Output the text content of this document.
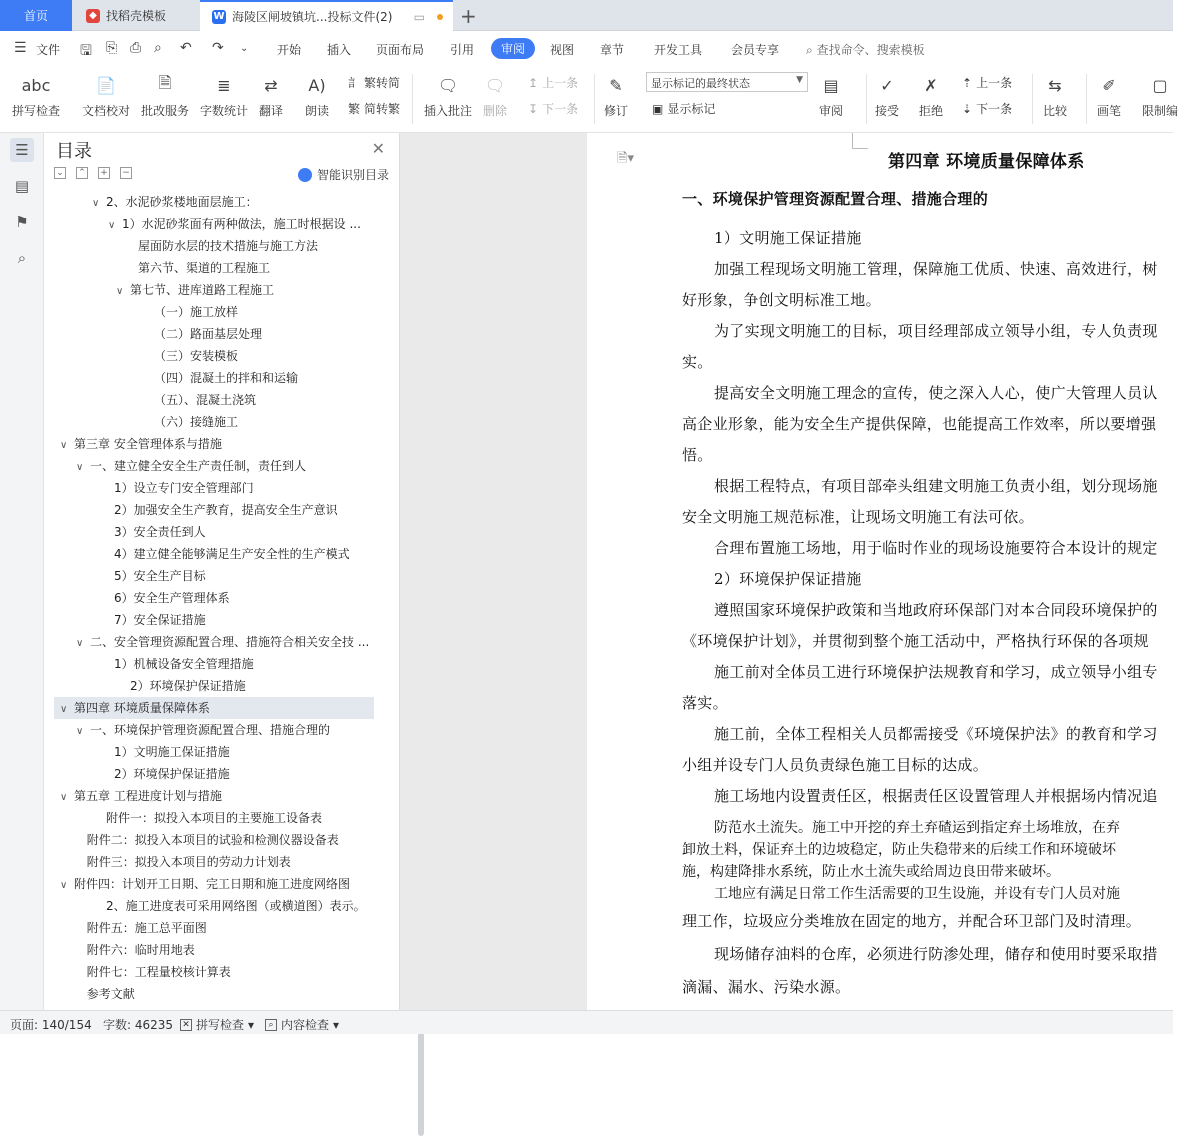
首页	◆ 找稻壳模板	W 海陵区闸坡镇坑...投标文件(2) ▭ +
☰ 文件 🖫 ⎘ ⎙ ⌕ ↶ ↷ ⌄ 开始 插入 页面布局 引用	审阅	视图 章节 开发工具 会员专享 ⌕ 查找命令、搜索模板
abc
拼写检查
📄
文档校对
🗎
批改服务
≣
字数统计
⇄
翻译
A)
朗读
訁 繁转简
繁 简转繁
🗨
插入批注
🗨
删除
↥ 上一条
↧ 下一条
✎
修订
显示标记的最终状态	▼
▣ 显示标记
▤
审阅
✓
接受
✗
拒绝
⇡ 上一条
⇣ 下一条
⇆
比较
✐
画笔
▢
限制编
☰
▤
⚑
⌕
目录	✕
⌄ ⌃ + −	智能识别目录
∨ 2、水泥砂浆楼地面层施工：
∨ 1）水泥砂浆面有两种做法，施工时根据设 ...
屋面防水层的技术措施与施工方法
第六节、渠道的工程施工
∨ 第七节、进库道路工程施工
（一）施工放样
（二）路面基层处理
（三）安装模板
（四）混凝土的拌和和运输
（五）、混凝土浇筑
（六）接缝施工
∨ 第三章 安全管理体系与措施
∨ 一、建立健全安全生产责任制，责任到人
1）设立专门安全管理部门
2）加强安全生产教育，提高安全生产意识
3）安全责任到人
4）建立健全能够满足生产安全性的生产模式
5）安全生产目标
6）安全生产管理体系
7）安全保证措施
∨ 二、安全管理资源配置合理、措施符合相关安全技 ...
1）机械设备安全管理措施
2）环境保护保证措施
∨ 第四章 环境质量保障体系
∨ 一、环境保护管理资源配置合理、措施合理的
1）文明施工保证措施
2）环境保护保证措施
∨ 第五章 工程进度计划与措施
附件一：拟投入本项目的主要施工设备表
附件二：拟投入本项目的试验和检测仪器设备表
附件三：拟投入本项目的劳动力计划表
∨ 附件四：计划开工日期、完工日期和施工进度网络图
2、施工进度表可采用网络图（或横道图）表示。
附件五：施工总平面图
附件六：临时用地表
附件七：工程量校核计算表
参考文献
🗎▾	第四章 环境质量保障体系
一、环境保护管理资源配置合理、措施合理的
1）文明施工保证措施
加强工程现场文明施工管理，保障施工优质、快速、高效进行，树
好形象，争创文明标准工地。
为了实现文明施工的目标，项目经理部成立领导小组，专人负责现
实。
提高安全文明施工理念的宣传，使之深入人心，使广大管理人员认
高企业形象，能为安全生产提供保障，也能提高工作效率，所以要增强
悟。
根据工程特点，有项目部牵头组建文明施工负责小组，划分现场施
安全文明施工规范标准，让现场文明施工有法可依。
合理布置施工场地，用于临时作业的现场设施要符合本设计的规定
2）环境保护保证措施
遵照国家环境保护政策和当地政府环保部门对本合同段环境保护的
《环境保护计划》，并贯彻到整个施工活动中，严格执行环保的各项规
施工前对全体员工进行环境保护法规教育和学习，成立领导小组专
落实。
施工前，全体工程相关人员都需接受《环境保护法》的教育和学习
小组并设专门人员负责绿色施工目标的达成。
施工场地内设置责任区，根据责任区设置管理人并根据场内情况追
防范水土流失。施工中开挖的弃土弃碴运到指定弃土场堆放，在弃
卸放土料，保证弃土的边坡稳定，防止失稳带来的后续工作和环境破坏
施，构建降排水系统，防止水土流失或给周边良田带来破坏。
工地应有满足日常工作生活需要的卫生设施，并设有专门人员对施
理工作，垃圾应分类堆放在固定的地方，并配合环卫部门及时清理。
现场储存油料的仓库，必须进行防渗处理，储存和使用时要采取措
滴漏、漏水、污染水源。
页面: 140/154 字数: 46235 ✕ 拼写检查 ▾	⌕ 内容检查 ▾
